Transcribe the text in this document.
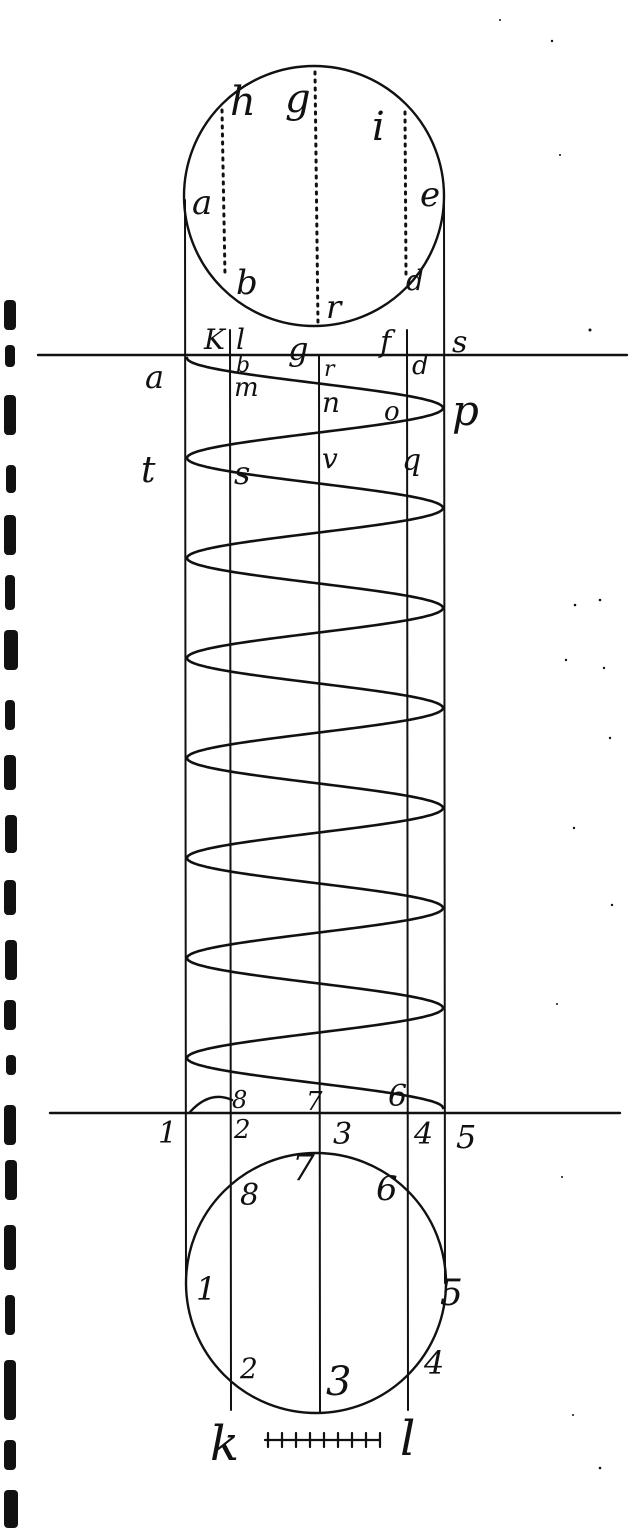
h g
i
a	e
b
r
d
K l g f
d
s
a	b
m
r
n o p
t s	v q
8 7 6
1 2	3 4 5
7
8	6
1	5
2 3 4
k	l
